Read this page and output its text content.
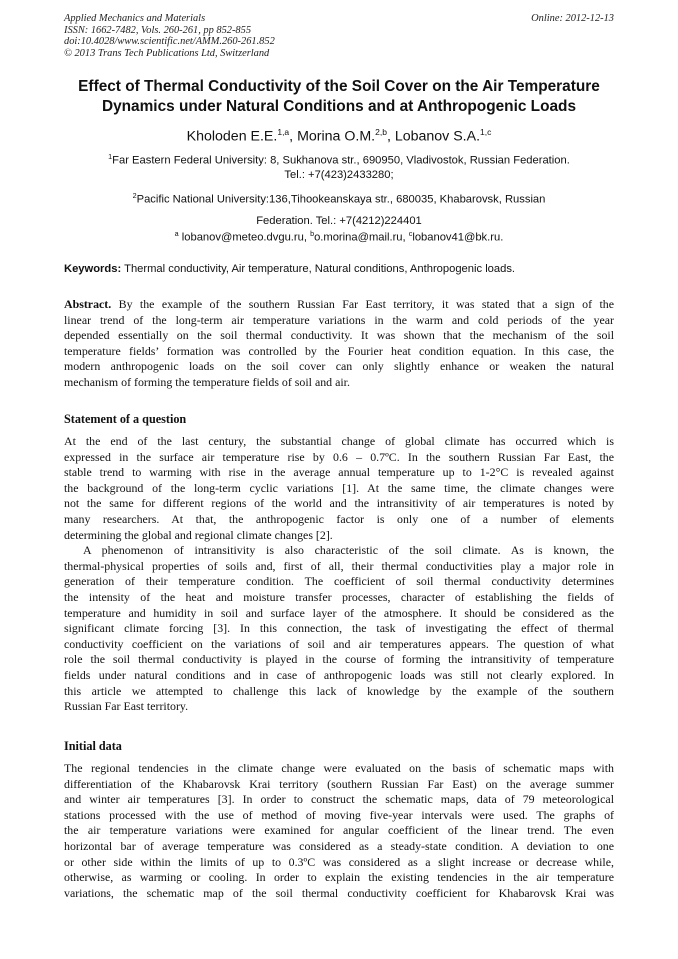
Applied Mechanics and Materials
ISSN: 1662-7482, Vols. 260-261, pp 852-855
doi:10.4028/www.scientific.net/AMM.260-261.852
© 2013 Trans Tech Publications Ltd, Switzerland
Online: 2012-12-13
Effect of Thermal Conductivity of the Soil Cover on the Air Temperature
Dynamics under Natural Conditions and at Anthropogenic Loads
Kholoden E.E.$^{1,a}$, Morina O.M.$^{2,b}$, Lobanov S.A.$^{1,c}$
$^1$Far Eastern Federal University: 8, Sukhanova str., 690950, Vladivostok, Russian Federation.
Tel.: +7(423)2433280;
$^2$Pacific National University:136,Tihookeanskaya str., 680035, Khabarovsk, Russian
Federation. Tel.: +7(4212)224401
$^a$ lobanov@meteo.dvgu.ru, $^b$o.morina@mail.ru, $^c$lobanov41@bk.ru.
Keywords: Thermal conductivity, Air temperature, Natural conditions, Anthropogenic loads.
Abstract. By the example of the southern Russian Far East territory, it was stated that a sign of the
linear trend of the long-term air temperature variations in the warm and cold periods of the year
depended essentially on the soil thermal conductivity. It was shown that the mechanism of the soil
temperature fields’ formation was controlled by the Fourier heat condition equation. In this case, the
modern anthropogenic loads on the soil cover can only slightly enhance or weaken the natural
mechanism of forming the temperature fields of soil and air.
Statement of a question
At the end of the last century, the substantial change of global climate has occurred which is
expressed in the surface air temperature rise by 0.6 – 0.7ºC. In the southern Russian Far East, the
stable trend to warming with rise in the average annual temperature up to 1-2°C is revealed against
the background of the long-term cyclic variations [1]. At the same time, the climate changes were
not the same for different regions of the world and the intransitivity of air temperatures is noted by
many researchers. At that, the anthropogenic factor is only one of a number of elements
determining the global and regional climate changes [2].
A phenomenon of intransitivity is also characteristic of the soil climate. As is known, the
thermal-physical properties of soils and, first of all, their thermal conductivities play a major role in
generation of their temperature condition. The coefficient of soil thermal conductivity determines
the intensity of the heat and moisture transfer processes, character of establishing the fields of
temperature and humidity in soil and surface layer of the atmosphere. It should be considered as the
significant climate forcing [3]. In this connection, the task of investigating the effect of thermal
conductivity coefficient on the variations of soil and air temperatures appears. The question of what
role the soil thermal conductivity is played in the course of forming the intransitivity of temperature
fields under natural conditions and in case of anthropogenic loads was still not clearly explored. In
this article we attempted to challenge this lack of knowledge by the example of the southern
Russian Far East territory.
Initial data
The regional tendencies in the climate change were evaluated on the basis of schematic maps with
differentiation of the Khabarovsk Krai territory (southern Russian Far East) on the average summer
and winter air temperatures [3]. In order to construct the schematic maps, data of 79 meteorological
stations processed with the use of method of moving five-year intervals were used. The graphs of
the air temperature variations were examined for angular coefficient of the linear trend. The even
horizontal bar of average temperature was considered as a steady-state condition. A deviation to one
or other side within the limits of up to 0.3ºC was considered as a slight increase or decrease while,
otherwise, as warming or cooling. In order to explain the existing tendencies in the air temperature
variations, the schematic map of the soil thermal conductivity coefficient for Khabarovsk Krai was
